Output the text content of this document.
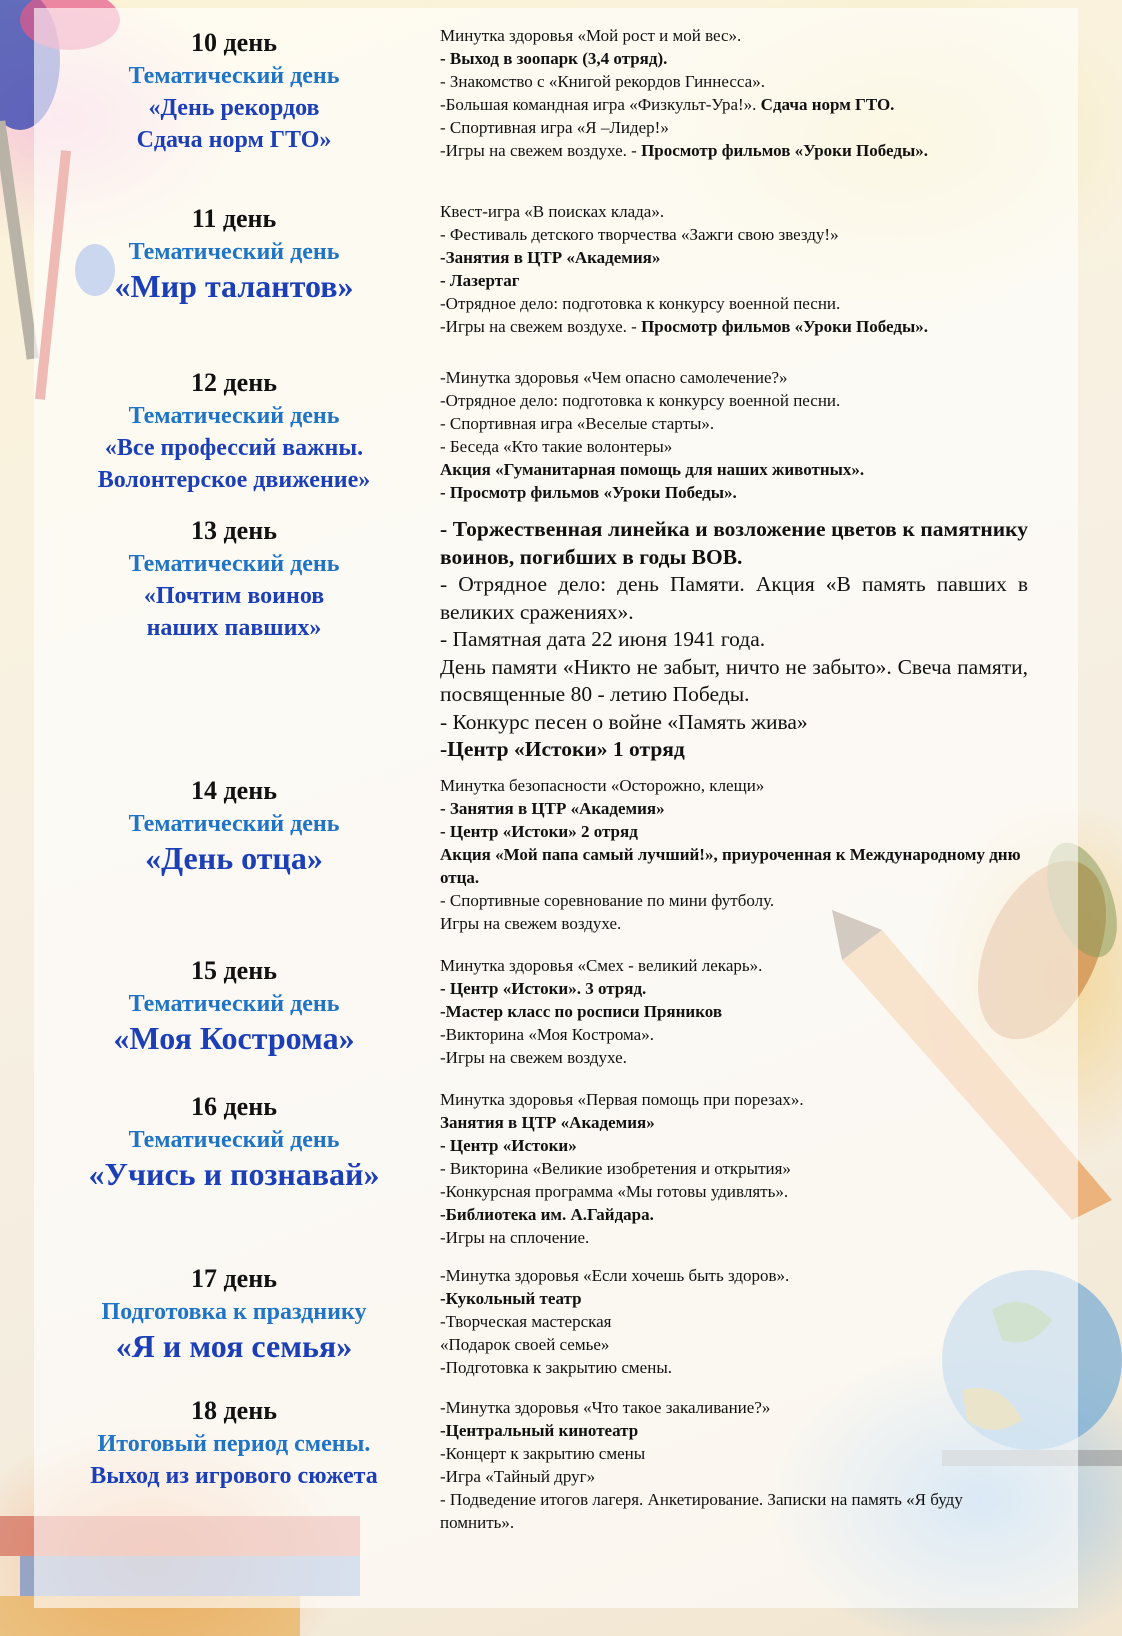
10 день
Тематический день
«День рекордов
Сдача норм ГТО»
Минутка здоровья «Мой рост и мой вес».
- Выход в зоопарк (3,4 отряд).
- Знакомство с «Книгой рекордов Гиннесса».
-Большая командная игра «Физкульт-Ура!». Сдача норм ГТО.
- Спортивная игра «Я –Лидер!»
-Игры на свежем воздухе. - Просмотр фильмов «Уроки Победы».
11 день
Тематический день
«Мир талантов»
Квест-игра «В поисках клада».
- Фестиваль детского творчества «Зажги свою звезду!»
-Занятия в ЦТР «Академия»
- Лазертаг
-Отрядное дело: подготовка к конкурсу военной песни.
-Игры на свежем воздухе. - Просмотр фильмов «Уроки Победы».
12 день
Тематический день
«Все профессий важны.
Волонтерское движение»
-Минутка здоровья «Чем опасно самолечение?»
-Отрядное дело: подготовка к конкурсу военной песни.
- Спортивная игра «Веселые старты».
- Беседа «Кто такие волонтеры»
Акция «Гуманитарная помощь для наших животных».
- Просмотр фильмов «Уроки Победы».
13 день
Тематический день
«Почтим воинов
наших павших»
- Торжественная линейка и возложение цветов к памятнику воинов, погибших в годы ВОВ.
- Отрядное дело: день Памяти. Акция «В память павших в великих сражениях».
- Памятная дата 22 июня 1941 года.
День памяти «Никто не забыт, ничто не забыто». Свеча памяти, посвященные 80 - летию Победы.
- Конкурс песен о войне «Память жива»
-Центр «Истоки» 1 отряд
14 день
Тематический день
«День отца»
Минутка безопасности «Осторожно, клещи»
- Занятия в ЦТР «Академия»
- Центр «Истоки» 2 отряд
Акция «Мой папа самый лучший!», приуроченная к Международному дню отца.
- Спортивные соревнование по мини футболу.
Игры на свежем воздухе.
15 день
Тематический день
«Моя Кострома»
Минутка здоровья «Смех - великий лекарь».
- Центр «Истоки». 3 отряд.
-Мастер класс по росписи Пряников
-Викторина «Моя Кострома».
-Игры на свежем воздухе.
16 день
Тематический день
«Учись и познавай»
Минутка здоровья «Первая помощь при порезах».
Занятия в ЦТР «Академия»
- Центр «Истоки»
- Викторина «Великие изобретения и открытия»
-Конкурсная программа «Мы готовы удивлять».
-Библиотека им. А.Гайдара.
-Игры на сплочение.
17 день
Подготовка к празднику
«Я и моя семья»
-Минутка здоровья «Если хочешь быть здоров».
-Кукольный театр
-Творческая мастерская
«Подарок своей семье»
-Подготовка к закрытию смены.
18 день
Итоговый период смены.
Выход из игрового сюжета
-Минутка здоровья «Что такое закаливание?»
-Центральный кинотеатр
-Концерт к закрытию смены
-Игра «Тайный друг»
- Подведение итогов лагеря. Анкетирование. Записки на память «Я буду помнить».
